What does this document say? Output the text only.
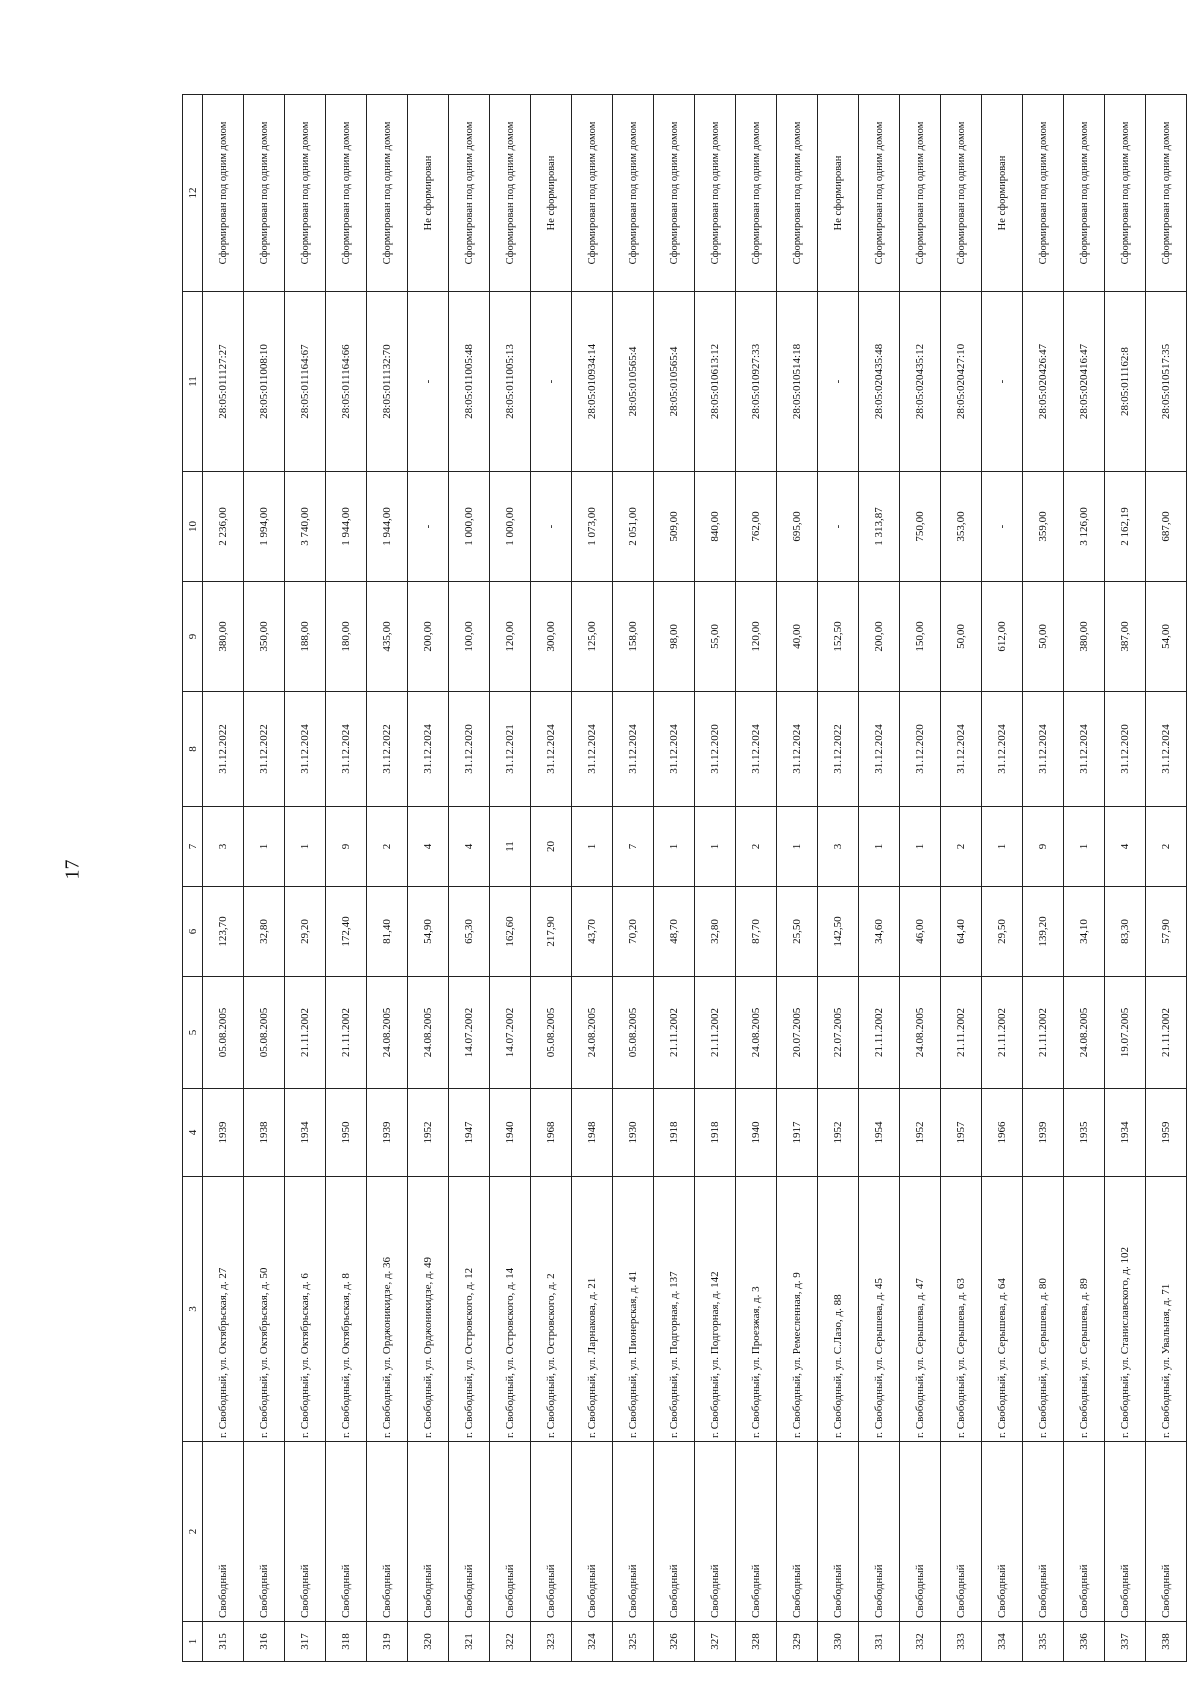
17
1	2	3	4	5	6	7	8	9	10	11	12
315	Свободный	г. Свободный, ул. Октябрьская, д. 27	1939	05.08.2005	123,70	3	31.12.2022	380,00	2 236,00	28:05:011127:27	Сформирован под одним домом
316	Свободный	г. Свободный, ул. Октябрьская, д. 50	1938	05.08.2005	32,80	1	31.12.2022	350,00	1 994,00	28:05:011008:10	Сформирован под одним домом
317	Свободный	г. Свободный, ул. Октябрьская, д. 6	1934	21.11.2002	29,20	1	31.12.2024	188,00	3 740,00	28:05:011164:67	Сформирован под одним домом
318	Свободный	г. Свободный, ул. Октябрьская, д. 8	1950	21.11.2002	172,40	9	31.12.2024	180,00	1 944,00	28:05:011164:66	Сформирован под одним домом
319	Свободный	г. Свободный, ул. Орджоникидзе, д. 36	1939	24.08.2005	81,40	2	31.12.2022	435,00	1 944,00	28:05:011132:70	Сформирован под одним домом
320	Свободный	г. Свободный, ул. Орджоникидзе, д. 49	1952	24.08.2005	54,90	4	31.12.2024	200,00	-	-	Не сформирован
321	Свободный	г. Свободный, ул. Островского, д. 12	1947	14.07.2002	65,30	4	31.12.2020	100,00	1 000,00	28:05:011005:48	Сформирован под одним домом
322	Свободный	г. Свободный, ул. Островского, д. 14	1940	14.07.2002	162,60	11	31.12.2021	120,00	1 000,00	28:05:011005:13	Сформирован под одним домом
323	Свободный	г. Свободный, ул. Островского, д. 2	1968	05.08.2005	217,90	20	31.12.2024	300,00	-	-	Не сформирован
324	Свободный	г. Свободный, ул. Ларнакова, д. 21	1948	24.08.2005	43,70	1	31.12.2024	125,00	1 073,00	28:05:010934:14	Сформирован под одним домом
325	Свободный	г. Свободный, ул. Пионерская, д. 41	1930	05.08.2005	70,20	7	31.12.2024	158,00	2 051,00	28:05:010565:4	Сформирован под одним домом
326	Свободный	г. Свободный, ул. Подгорная, д. 137	1918	21.11.2002	48,70	1	31.12.2024	98,00	509,00	28:05:010565:4	Сформирован под одним домом
327	Свободный	г. Свободный, ул. Подгорная, д. 142	1918	21.11.2002	32,80	1	31.12.2020	55,00	840,00	28:05:010613:12	Сформирован под одним домом
328	Свободный	г. Свободный, ул. Проезжая, д. 3	1940	24.08.2005	87,70	2	31.12.2024	120,00	762,00	28:05:010927:33	Сформирован под одним домом
329	Свободный	г. Свободный, ул. Ремесленная, д. 9	1917	20.07.2005	25,50	1	31.12.2024	40,00	695,00	28:05:010514:18	Сформирован под одним домом
330	Свободный	г. Свободный, ул. С.Лазо, д. 88	1952	22.07.2005	142,50	3	31.12.2022	152,50	-	-	Не сформирован
331	Свободный	г. Свободный, ул. Серышева, д. 45	1954	21.11.2002	34,60	1	31.12.2024	200,00	1 313,87	28:05:020435:48	Сформирован под одним домом
332	Свободный	г. Свободный, ул. Серышева, д. 47	1952	24.08.2005	46,00	1	31.12.2020	150,00	750,00	28:05:020435:12	Сформирован под одним домом
333	Свободный	г. Свободный, ул. Серышева, д. 63	1957	21.11.2002	64,40	2	31.12.2024	50,00	353,00	28:05:020427:10	Сформирован под одним домом
334	Свободный	г. Свободный, ул. Серышева, д. 64	1966	21.11.2002	29,50	1	31.12.2024	612,00	-	-	Не сформирован
335	Свободный	г. Свободный, ул. Серышева, д. 80	1939	21.11.2002	139,20	9	31.12.2024	50,00	359,00	28:05:020426:47	Сформирован под одним домом
336	Свободный	г. Свободный, ул. Серышева, д. 89	1935	24.08.2005	34,10	1	31.12.2024	380,00	3 126,00	28:05:020416:47	Сформирован под одним домом
337	Свободный	г. Свободный, ул. Станиславского, д. 102	1934	19.07.2005	83,30	4	31.12.2020	387,00	2 162,19	28:05:011162:8	Сформирован под одним домом
338	Свободный	г. Свободный, ул. Увальная, д. 71	1959	21.11.2002	57,90	2	31.12.2024	54,00	687,00	28:05:010517:35	Сформирован под одним домом
